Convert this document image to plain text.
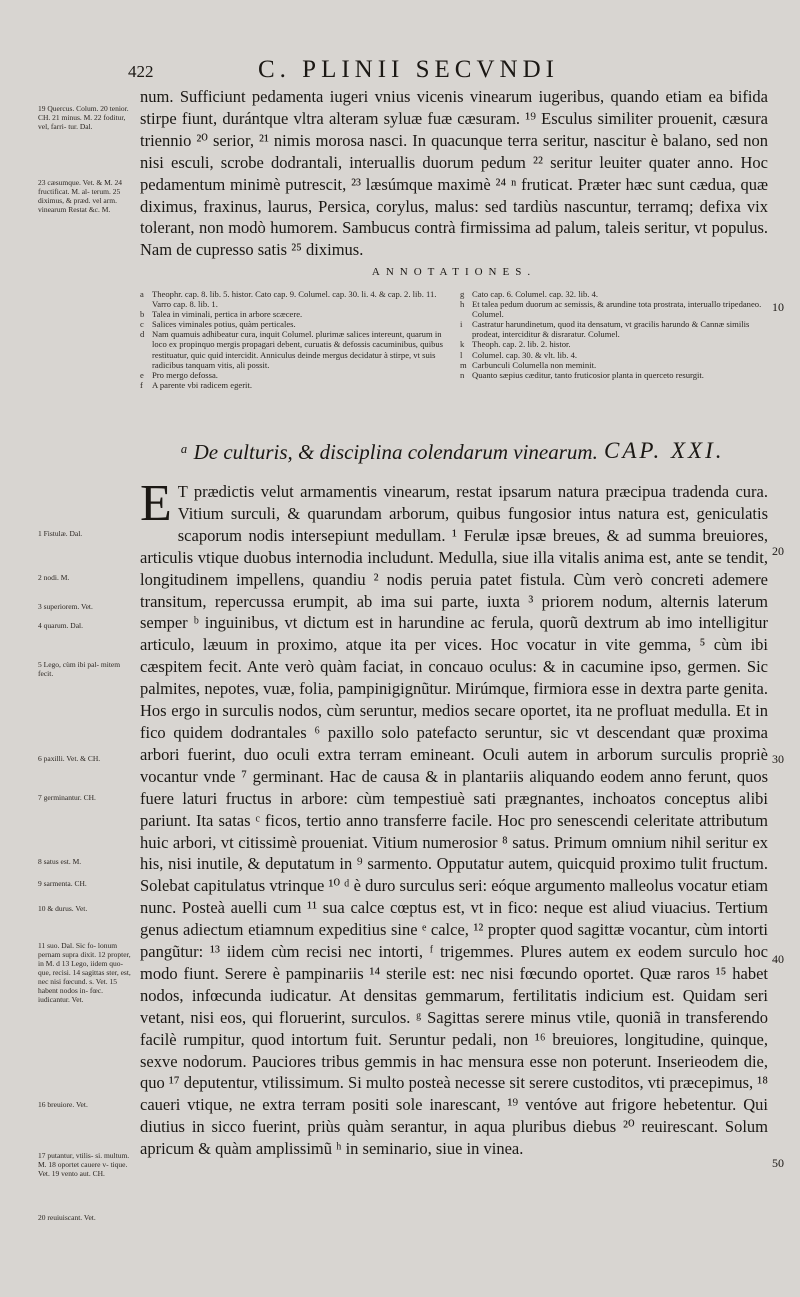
422	C. PLINII SECVNDI
19 Quercus. Colum. 20 tenior. CH. 21 minus. M. 22 foditur, vel, farri- tur. Dal.
23 cæsumque. Vet. & M. 24 fructificat. M. al- terum. 25 diximus, & præd. vel arm. vinearum Restat &c. M.

num. Sufficiunt pedamenta iugeri vnius vicenis vinearum iugeribus, quando etiam ea bifida stirpe fiunt, durántque vltra alteram syluæ fuæ cæsuram. ¹⁹ Esculus similiter prouenit, cæsura triennio ²⁰ serior, ²¹ nimis morosa nasci. In quacunque terra seritur, nascitur è balano, sed non nisi esculi, scrobe dodrantali, interuallis duorum pedum ²² seritur leuiter quater anno. Hoc pedamentum minimè putrescit, ²³ læsúmque maximè ²⁴ ⁿ fruticat. Præter hæc sunt cædua, quæ diximus, fraxinus, laurus, Persica, corylus, malus: sed tardiùs nascuntur, terramq; defixa vix tolerant, non modò humorem. Sambucus contrà firmissima ad palum, taleis seritur, vt populus. Nam de cupresso satis ²⁵ diximus.

ANNOTATIONES.
a Theophr. cap. 8. lib. 5. histor. Cato cap. 9. Columel. cap. 30. li. 4. & cap. 2. lib. 11. Varro cap. 8. lib. 1.
b Talea in viminali, pertica in arbore scæcere.
c Salices viminales potius, quàm perticales.
d Nam quamuis adhibeatur cura, inquit Columel. plurimæ salices intereunt, quarum in loco ex propinquo mergis propagari debent, curuatis & defossis cacuminibus, quibus restituatur, quic quid intercidit. Anniculus deinde mergus decidatur à stirpe, vt suis radicibus tanquam vitis, ali possit.
e Pro mergo defossa.
f	A parente vbi radicem egerit.
g Cato cap. 6. Columel. cap. 32. lib. 4.
h Et talea pedum duorum ac semissis, & arundine tota prostrata, interuallo tripedaneo. Columel.
i	Castratur harundinetum, quod ita densatum, vt gracilis harundo & Cannæ similis prodeat, interciditur & disraratur. Columel.
k Theoph. cap. 2. lib. 2. histor.
l	Columel. cap. 30. & vlt. lib. 4.
m Carbunculi Columella non meminit.
n Quanto sæpius cæditur, tanto fruticosior planta in querceto resurgit.
ᵃ De culturis, & disciplina colendarum vinearum. CAP. XXI.

E T prædictis velut armamentis vinearum, restat ipsarum natura præcipua tradenda cura. Vitium surculi, & quarundam arborum, quibus fungosior intus natura est, geniculatis scaporum nodis intersepiunt medullam. ¹ Ferulæ ipsæ breues, & ad summa breuiores, articulis vtique duobus internodia includunt. Medulla, siue illa vitalis anima est, ante se tendit, longitudinem impellens, quandiu ² nodis peruia patet fistula. Cùm verò concreti ademere transitum, repercussa erumpit, ab ima sui parte, iuxta ³ priorem nodum, alternis laterum semper ᵇ inguinibus, vt dictum est in harundine ac ferula, quorũ dextrum ab imo intelligitur articulo, læuum in proximo, atque ita per vices. Hoc vocatur in vite gemma, ⁵ cùm ibi cæspitem fecit. Ante verò quàm faciat, in concauo oculus: & in cacumine ipso, germen. Sic palmites, nepotes, vuæ, folia, pampinigignũtur. Mirúmque, firmiora esse in dextra parte genita. Hos ergo in surculis nodos, cùm seruntur, medios secare oportet, ita ne profluat medulla. Et in fico quidem dodrantales ⁶ paxillo solo patefacto seruntur, sic vt descendant quæ proxima arbori fuerint, duo oculi extra terram emineant. Oculi autem in arborum surculis propriè vocantur vnde ⁷ germinant. Hac de causa & in plantariis aliquando eodem anno ferunt, quos fuere laturi fructus in arbore: cùm tempestiuè sati prægnantes, inchoatos conceptus alibi pariunt. Ita satas ᶜ ficos, tertio anno transferre facile. Hoc pro senescendi celeritate attributum huic arbori, vt citissimè proueniat. Vitium numerosior ⁸ satus. Primum omnium nihil seritur ex his, nisi inutile, & deputatum in ⁹ sarmento. Opputatur autem, quicquid proximo tulit fructum. Solebat capitulatus vtrinque ¹⁰ ᵈ è duro surculus seri: eóque argumento malleolus vocatur etiam nunc. Posteà auelli cum ¹¹ sua calce cœptus est, vt in fico: neque est aliud viuacius. Tertium genus adiectum etiamnum expeditius sine ᵉ calce, ¹² propter quod sagittæ vocantur, cùm intorti pangũtur: ¹³ iidem cùm recisi nec intorti, ᶠ trigemmes. Plures autem ex eodem surculo hoc modo fiunt. Serere è pampinariis ¹⁴ sterile est: nec nisi fœcundo oportet. Quæ raros ¹⁵ habet nodos, infœcunda iudicatur. At densitas gemmarum, fertilitatis indicium est. Quidam seri vetant, nisi eos, qui floruerint, surculos. ᵍ Sagittas serere minus vtile, quoniã in transferendo facilè rumpitur, quod intortum fuit. Seruntur pedali, non ¹⁶ breuiores, longitudine, quinque, sexve nodorum. Pauciores tribus gemmis in hac mensura esse non poterunt. Inserieodem die, quo ¹⁷ deputentur, vtilissimum. Si multo posteà necesse sit serere custoditos, vti præcepimus, ¹⁸ caueri vtique, ne extra terram positi sole inarescant, ¹⁹ ventóve aut frigore hebetentur. Qui diutius in sicco fuerint, priùs quàm serantur, in aqua pluribus diebus ²⁰ reuirescant. Solum apricum & quàm amplissimũ ʰ in seminario, siue in vinea.

1 Fistulæ. Dal.
2 nodi. M.
3 superiorem. Vet.
4 quarum. Dal.
5 Lego, cùm ibi pal- mitem fecit.
6 paxilli. Vet. & CH.
7 germinantur. CH.
8 satus est. M.
9 sarmenta. CH.
10 & durus. Vet.
11 suo. Dal. Sic fo- lonum pernam supra dixit. 12 propter, in M. d 13 Lego, iidem quo- que, recisi. 14 sagittas ster, est, nec nisi fœcund. s. Vet. 15 habent nodos in- fœc. iudicantur. Vet.
16 breuiore. Vet.
17 putantur, vtilis- si. multum. M. 18 oportet cauere v- tique. Vet. 19 vento aut. CH.
20 reuiuiscant. Vet.
10
20
30
40
50
